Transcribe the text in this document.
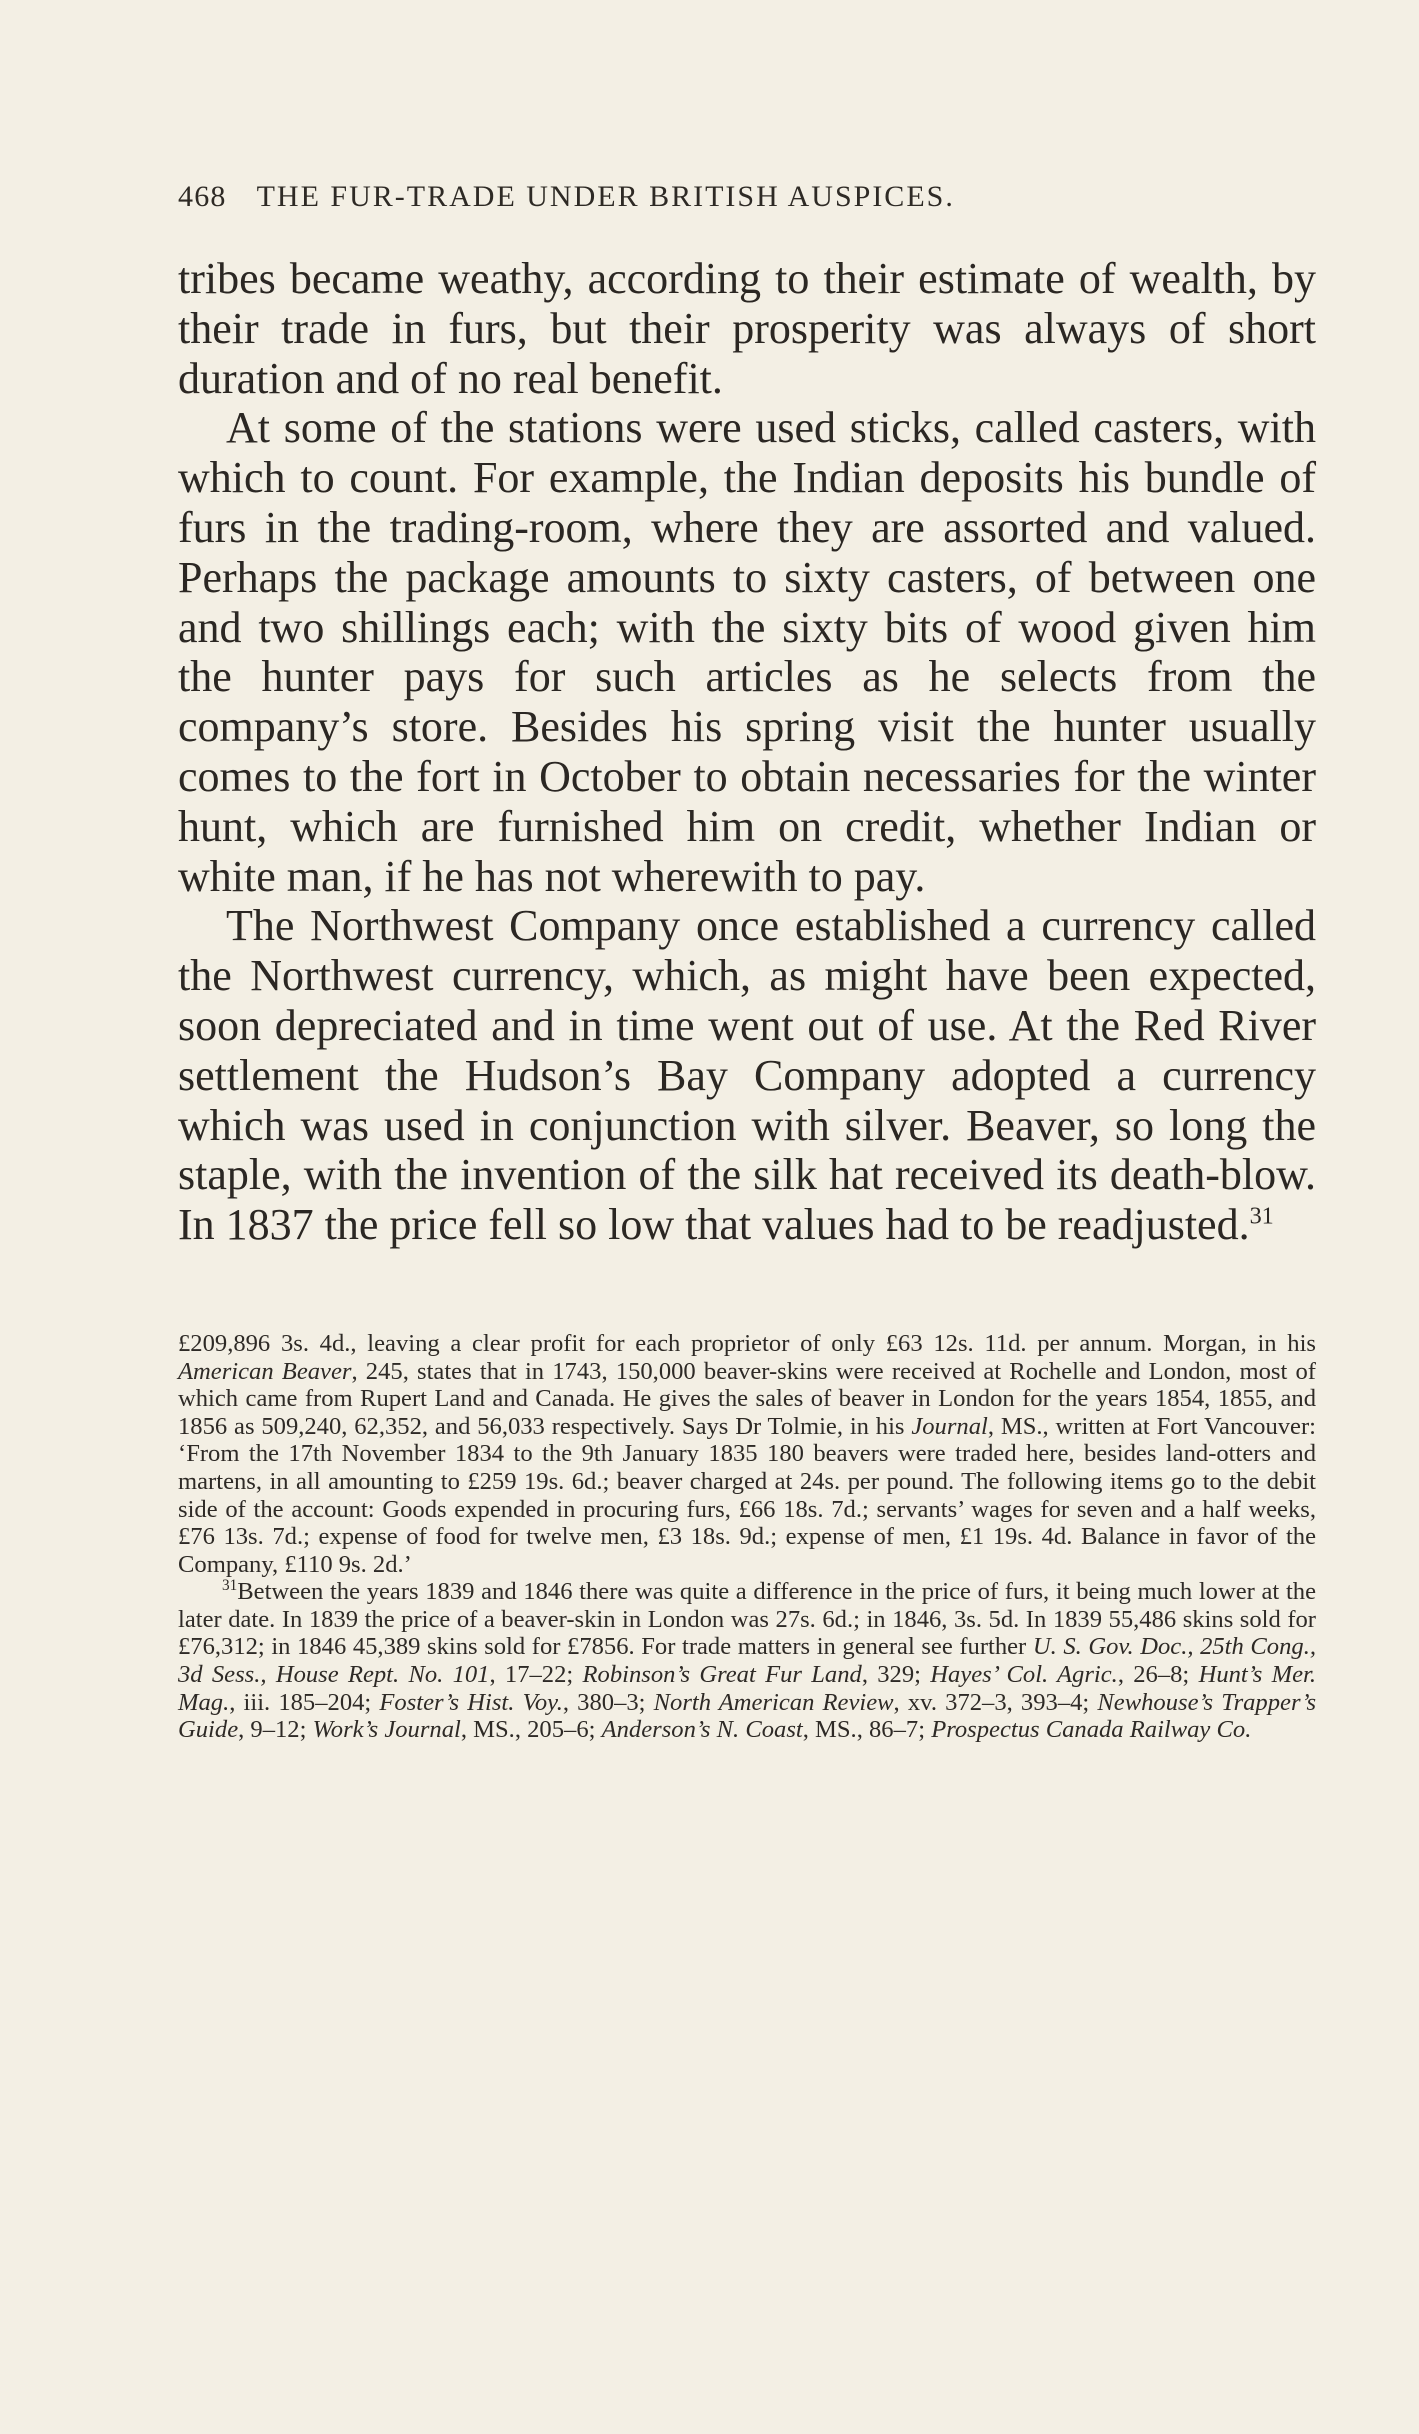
468 THE FUR-TRADE UNDER BRITISH AUSPICES.

tribes became weathy, according to their estimate of wealth, by their trade in furs, but their prosperity was always of short duration and of no real benefit.

At some of the stations were used sticks, called casters, with which to count. For example, the Indian deposits his bundle of furs in the trading-room, where they are assorted and valued. Perhaps the package amounts to sixty casters, of between one and two shillings each; with the sixty bits of wood given him the hunter pays for such articles as he selects from the company’s store. Besides his spring visit the hunter usually comes to the fort in October to obtain necessaries for the winter hunt, which are furnished him on credit, whether Indian or white man, if he has not wherewith to pay.

The Northwest Company once established a currency called the Northwest currency, which, as might have been expected, soon depreciated and in time went out of use. At the Red River settlement the Hudson’s Bay Company adopted a currency which was used in conjunction with silver. Beaver, so long the staple, with the invention of the silk hat received its death-blow. In 1837 the price fell so low that values had to be readjusted.$^{31}$

£209,896 3s. 4d., leaving a clear profit for each proprietor of only £63 12s. 11d. per annum. Morgan, in his American Beaver, 245, states that in 1743, 150,000 beaver-skins were received at Rochelle and London, most of which came from Rupert Land and Canada. He gives the sales of beaver in London for the years 1854, 1855, and 1856 as 509,240, 62,352, and 56,033 respectively. Says Dr Tolmie, in his Journal, MS., written at Fort Vancouver: ‘From the 17th November 1834 to the 9th January 1835 180 beavers were traded here, besides land-otters and martens, in all amounting to £259 19s. 6d.; beaver charged at 24s. per pound. The following items go to the debit side of the account: Goods expended in procuring furs, £66 18s. 7d.; servants’ wages for seven and a half weeks, £76 13s. 7d.; expense of food for twelve men, £3 18s. 9d.; expense of men, £1 19s. 4d. Balance in favor of the Company, £110 9s. 2d.’

$^{31}$Between the years 1839 and 1846 there was quite a difference in the price of furs, it being much lower at the later date. In 1839 the price of a beaver-skin in London was 27s. 6d.; in 1846, 3s. 5d. In 1839 55,486 skins sold for £76,312; in 1846 45,389 skins sold for £7856. For trade matters in general see further U. S. Gov. Doc., 25th Cong., 3d Sess., House Rept. No. 101, 17–22; Robinson’s Great Fur Land, 329; Hayes’ Col. Agric., 26–8; Hunt’s Mer. Mag., iii. 185–204; Foster’s Hist. Voy., 380–3; North American Review, xv. 372–3, 393–4; Newhouse’s Trapper’s Guide, 9–12; Work’s Journal, MS., 205–6; Anderson’s N. Coast, MS., 86–7; Prospectus Canada Railway Co.
